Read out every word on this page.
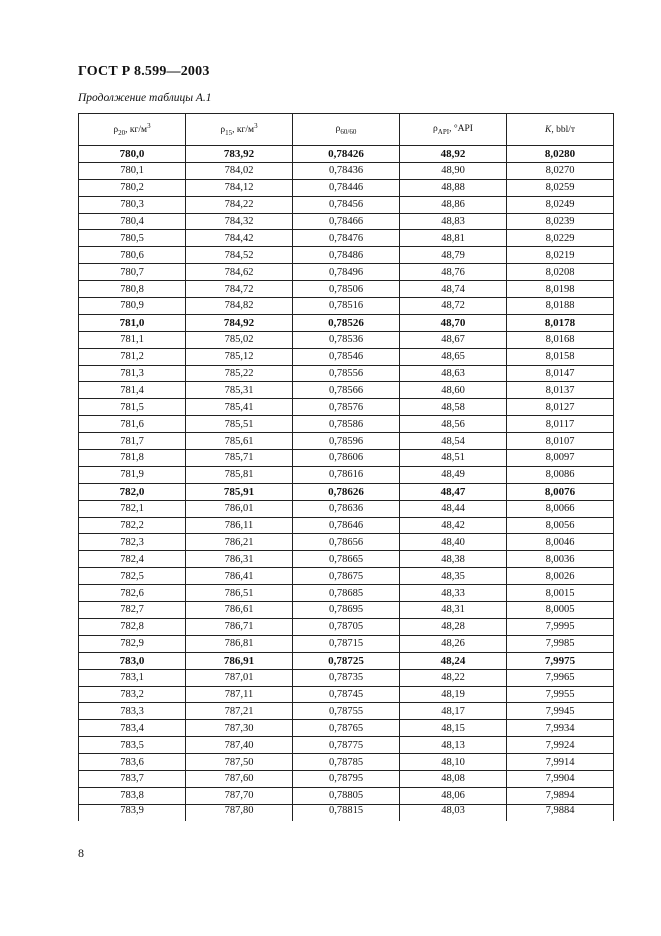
ГОСТ Р 8.599—2003
Продолжение таблицы А.1
$\rho_{20}$, $кг/м^3$	$\rho_{15}$, $кг/м^3$	$\rho_{60/60}$	$\rho_{API}$, °API	K, bbl/т
780,0	783,92	0,78426	48,92	8,0280
780,1	784,02	0,78436	48,90	8,0270
780,2	784,12	0,78446	48,88	8,0259
780,3	784,22	0,78456	48,86	8,0249
780,4	784,32	0,78466	48,83	8,0239
780,5	784,42	0,78476	48,81	8,0229
780,6	784,52	0,78486	48,79	8,0219
780,7	784,62	0,78496	48,76	8,0208
780,8	784,72	0,78506	48,74	8,0198
780,9	784,82	0,78516	48,72	8,0188
781,0	784,92	0,78526	48,70	8,0178
781,1	785,02	0,78536	48,67	8,0168
781,2	785,12	0,78546	48,65	8,0158
781,3	785,22	0,78556	48,63	8,0147
781,4	785,31	0,78566	48,60	8,0137
781,5	785,41	0,78576	48,58	8,0127
781,6	785,51	0,78586	48,56	8,0117
781,7	785,61	0,78596	48,54	8,0107
781,8	785,71	0,78606	48,51	8,0097
781,9	785,81	0,78616	48,49	8,0086
782,0	785,91	0,78626	48,47	8,0076
782,1	786,01	0,78636	48,44	8,0066
782,2	786,11	0,78646	48,42	8,0056
782,3	786,21	0,78656	48,40	8,0046
782,4	786,31	0,78665	48,38	8,0036
782,5	786,41	0,78675	48,35	8,0026
782,6	786,51	0,78685	48,33	8,0015
782,7	786,61	0,78695	48,31	8,0005
782,8	786,71	0,78705	48,28	7,9995
782,9	786,81	0,78715	48,26	7,9985
783,0	786,91	0,78725	48,24	7,9975
783,1	787,01	0,78735	48,22	7,9965
783,2	787,11	0,78745	48,19	7,9955
783,3	787,21	0,78755	48,17	7,9945
783,4	787,30	0,78765	48,15	7,9934
783,5	787,40	0,78775	48,13	7,9924
783,6	787,50	0,78785	48,10	7,9914
783,7	787,60	0,78795	48,08	7,9904
783,8	787,70	0,78805	48,06	7,9894
783,9	787,80	0,78815	48,03	7,9884
8
